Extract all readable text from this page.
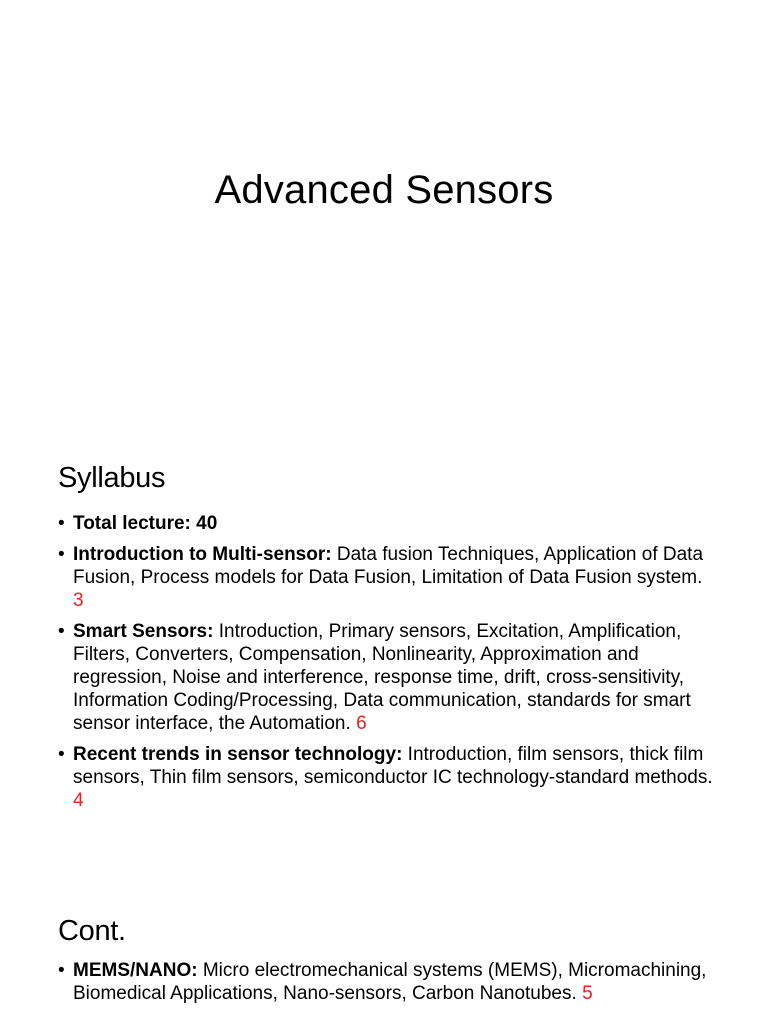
Advanced Sensors
Syllabus
• Total lecture: 40
• Introduction to Multi-sensor: Data fusion Techniques, Application of Data Fusion, Process models for Data Fusion, Limitation of Data Fusion system. 3
• Smart Sensors: Introduction, Primary sensors, Excitation, Amplification, Filters, Converters, Compensation, Nonlinearity, Approximation and regression, Noise and interference, response time, drift, cross-sensitivity, Information Coding/Processing, Data communication, standards for smart sensor interface, the Automation. 6
• Recent trends in sensor technology: Introduction, film sensors, thick film sensors, Thin film sensors, semiconductor IC technology-standard methods. 4
Cont.
• MEMS/NANO: Micro electromechanical systems (MEMS), Micromachining, Biomedical Applications, Nano-sensors, Carbon Nanotubes. 5
